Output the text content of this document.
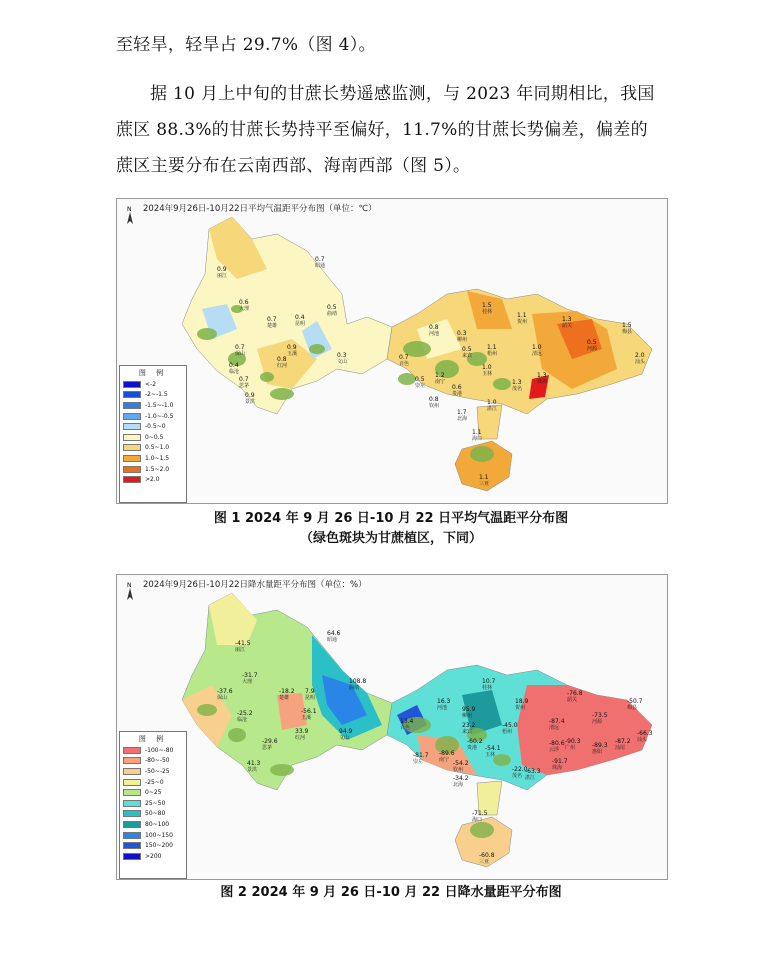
至轻旱，轻旱占 29.7%（图 4）。

据 10 月上中旬的甘蔗长势遥感监测，与 2023 年同期相比，我国蔗区 88.3%的甘蔗长势持平至偏好，11.7%的甘蔗长势偏差，偏差的蔗区主要分布在云南西部、海南西部（图 5）。

2024年9月26日-10月22日平均气温距平分布图（单位：℃）
N
图 例
<-2
-2~-1.5
-1.5~-1.0
-1.0~-0.5
-0.5~0
0~0.5
0.5~1.0
1.0~1.5
1.5~2.0
>2.0
0.9
丽江
0.7
昭通
0.6
大理
0.7
楚雄
0.4
昆明
0.5
曲靖
0.7
保山
0.4
临沧
0.9
玉溪
0.8
红河
0.3
文山
0.7
思茅
0.9
景洪
0.7
百色
0.8
河池
1.5
桂林
0.3
柳州
0.5
来宾
1.1
贺州	1.3
韶关	1.5
梅县
0.5
崇左
1.2
南宁
0.6
贵港
1.1
梧州
1.0
清远
0.5
河源
2.0
汕头
1.0
玉林
0.8
钦州
1.7
北海
1.3
茂名
1.3
珠海
1.0
湛江
1.1
海口
1.1
三亚
图 1 2024 年 9 月 26 日-10 月 22 日平均气温距平分布图
（绿色斑块为甘蔗植区，下同）
2024年9月26日-10月22日降水量距平分布图（单位：%）
N
图 例
-100~-80
-80~-50
-50~-25
-25~0
0~25
25~50
50~80
80~100
100~150
150~200
>200
-41.5
丽江
64.6
昭通
-31.7
大理
-37.6
保山
-18.2
楚雄
7.9
昆明
108.8
曲靖
-56.1
玉溪
-25.2
临沧
-29.6
思茅
33.9
红河
94.9
文山
41.3
景洪
16.3
河池
10.7
桂林
95.9
柳州
13.4
百色	23.2
来宾
18.9
贺州
-76.8
韶关	-50.7
梅县
-45.0
梧州
-87.4
清远
-73.5
河源
-60.2
贵港 -54.1
玉林
-81.7
崇左
-89.6
南宁 -54.2
钦州
-80.6
云浮
-90.3
广州	-89.3
惠阳
-87.2
汕尾
-66.3
汕头
-22.0
茂名
-63.3
湛江
-91.7
珠海
-34.2
北海
-71.5
海口
-60.8
三亚
图 2 2024 年 9 月 26 日-10 月 22 日降水量距平分布图
